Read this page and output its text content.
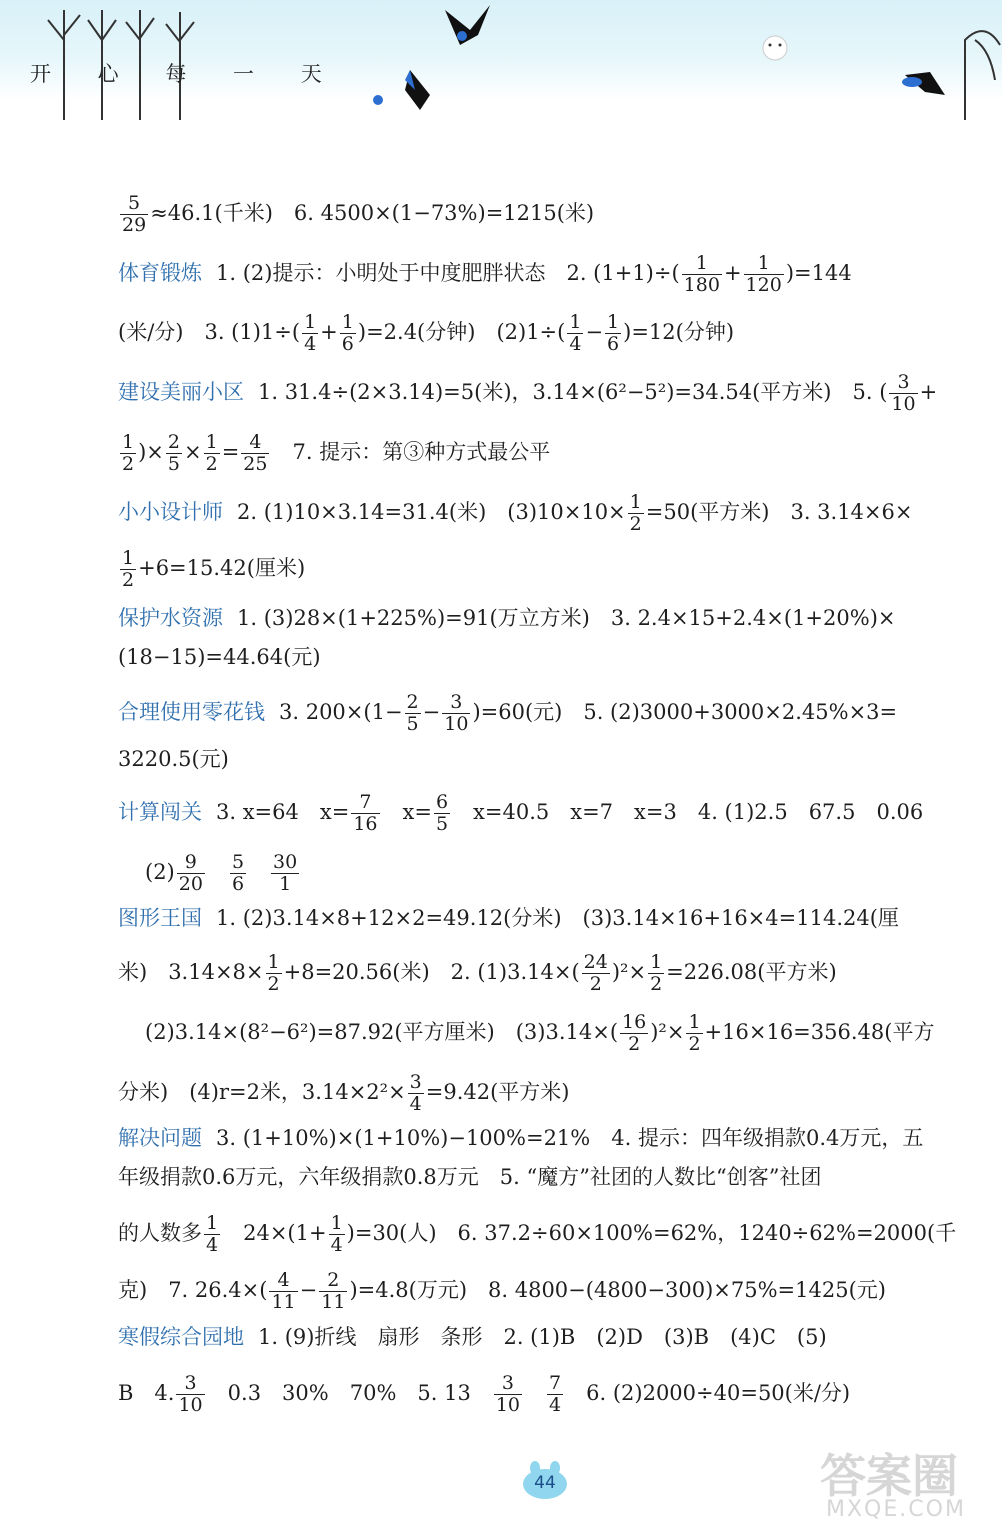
开 心 每 一 天
$\frac{5}{29} \approx 46.1$(千米)　6. 4500×(1−73%)=1215(米)
体育锻炼 1. (2)提示：小明处于中度肥胖状态　2. $(1+1)\div( \frac{1}{180} + \frac{1}{120} )=144$
(米/分)　3. $(1)1\div( \frac{1}{4} + \frac{1}{6} )=2.4$(分钟)　$(2)1\div( \frac{1}{4} - \frac{1}{6} )=12$(分钟)
建设美丽小区 1. 31.4÷(2×3.14)=5(米)，3.14×(6²−5²)=34.54(平方米)　5. ( $\frac{3}{10}$ +
$\frac{1}{2}$ )× $\frac{2}{5} \times \frac{1}{2} = \frac{4}{25}$ 　7. 提示：第③种方式最公平
小小设计师 2. (1)10×3.14=31.4(米)　$(3)10\times 10\times \frac{1}{2} =50$(平方米)　3. 3.14×6×
$\frac{1}{2} +6=15.42$(厘米)
保护水资源 1. (3)28×(1+225%)=91(万立方米)　3. 2.4×15+2.4×(1+20%)×
(18−15)=44.64(元)
合理使用零花钱 3. $200\times(1- \frac{2}{5} - \frac{3}{10} )=60$(元)　5. (2)3000+3000×2.45%×3=
3220.5(元)
计算闯关 3. x=64　$x= \frac{7}{16}$ 　$x= \frac{6}{5}$ 　x=40.5　x=7　x=3　4. (1)2.5　67.5　0.06
$(2) \frac{9}{20}$
　 $\frac{5}{6}$
　 $\frac{30}{1}$
图形王国 1. (2)3.14×8+12×2=49.12(分米)　(3)3.14×16+16×4=114.24(厘
米)　$3.14\times 8\times \frac{1}{2} +8=20.56$(米)　2. $(1)3.14\times( \frac{24}{2} )^2\times \frac{1}{2} =226.08$(平方米)
(2)3.14×(8²−6²)=87.92(平方厘米)　$(3)3.14\times( \frac{16}{2} )^2\times \frac{1}{2} +16\times 16=356.48$(平方
分米)　(4)r=2米，$3.14\times 2^2\times \frac{3}{4} =9.42$(平方米)
解决问题 3. (1+10%)×(1+10%)−100%=21%　4. 提示：四年级捐款0.4万元，五
年级捐款0.6万元，六年级捐款0.8万元　5. “魔方”社团的人数比“创客”社团
的人数多 $\frac{1}{4}$ 　$24\times(1+ \frac{1}{4} )=30$(人)　6. 37.2÷60×100%=62%，1240÷62%=2000(千
克)　7. $26.4\times( \frac{4}{11} - \frac{2}{11} )=4.8$(万元)　8. 4800−(4800−300)×75%=1425(元)
寒假综合园地 1. (9)折线　扇形　条形　2. (1)B　(2)D　(3)B　(4)C　(5)
B　4. $\frac{3}{10}$ 　0.3　30%　70%　5. 13　 $\frac{3}{10}$
　 $\frac{7}{4}$ 　6. (2)2000÷40=50(米/分)
44	答案圈
MXQE.COM
